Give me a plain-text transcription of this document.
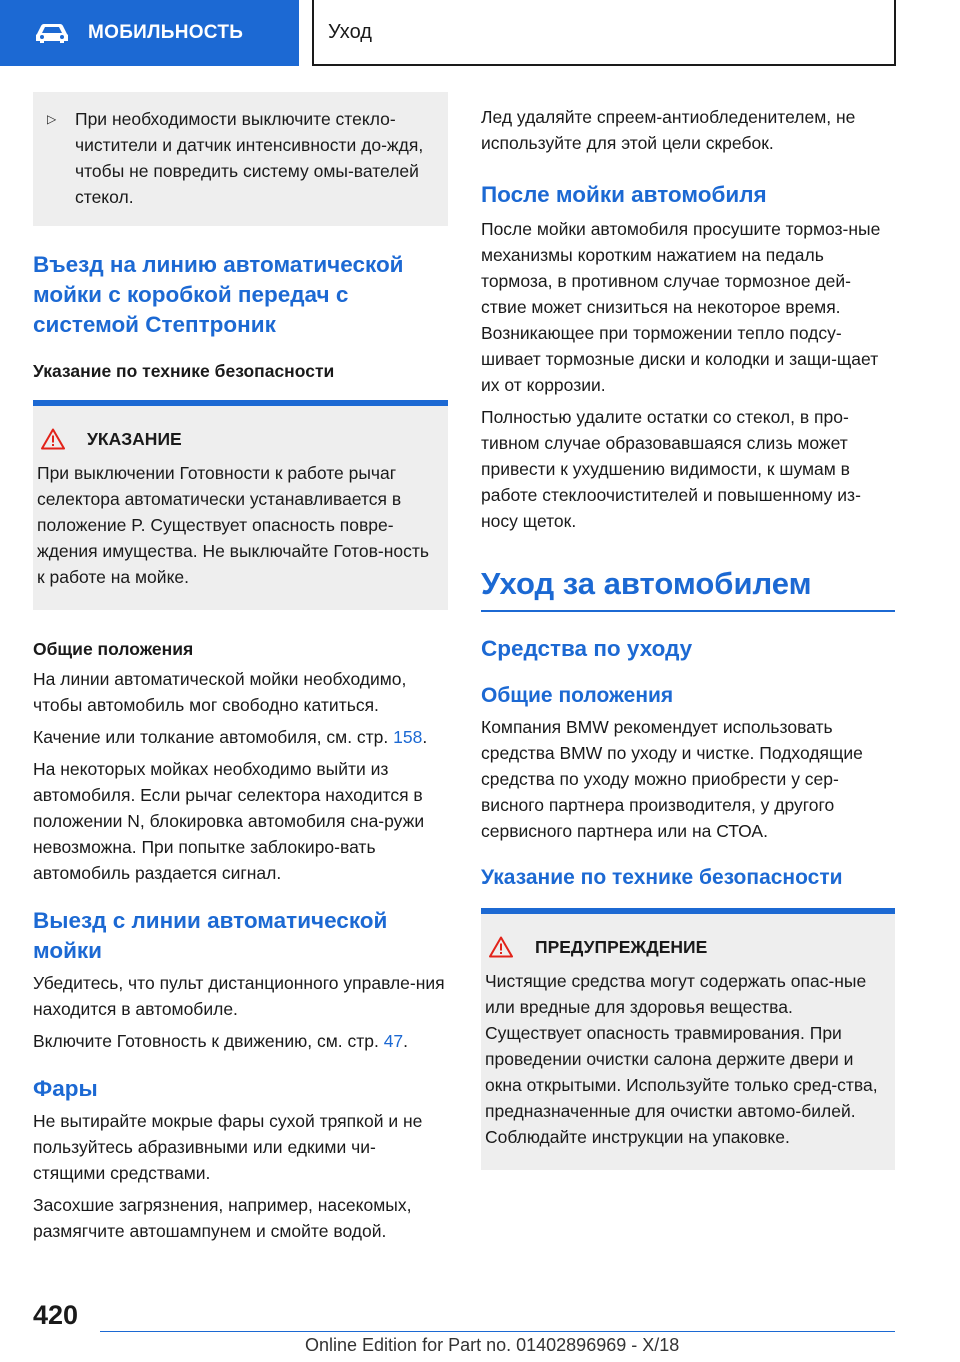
МОБИЛЬНОСТЬ	Уход
▷	При необходимости выключите стекло-чистители и датчик интенсивности до-ждя, чтобы не повредить систему омы-вателей стекол.
Въезд на линию автоматической мойки с коробкой передач с системой Стептроник
Указание по технике безопасности
УКАЗАНИЕ
При выключении Готовности к работе рычаг селектора автоматически устанавливается в положение P. Существует опасность повре-ждения имущества. Не выключайте Готов-ность к работе на мойке.
Общие положения
На линии автоматической мойки необходимо, чтобы автомобиль мог свободно катиться.
Качение или толкание автомобиля, см. стр. 158.
На некоторых мойках необходимо выйти из автомобиля. Если рычаг селектора находится в положении N, блокировка автомобиля сна-ружи невозможна. При попытке заблокиро-вать автомобиль раздается сигнал.
Выезд с линии автоматической мойки
Убедитесь, что пульт дистанционного управле-ния находится в автомобиле.
Включите Готовность к движению, см. стр. 47.
Фары
Не вытирайте мокрые фары сухой тряпкой и не пользуйтесь абразивными или едкими чи-стящими средствами.
Засохшие загрязнения, например, насекомых, размягчите автошампунем и смойте водой.
Лед удаляйте спреем-антиобледенителем, не используйте для этой цели скребок.
После мойки автомобиля
После мойки автомобиля просушите тормоз-ные механизмы коротким нажатием на педаль тормоза, в противном случае тормозное дей-ствие может снизиться на некоторое время. Возникающее при торможении тепло подсу-шивает тормозные диски и колодки и защи-щает их от коррозии.
Полностью удалите остатки со стекол, в про-тивном случае образовавшаяся слизь может привести к ухудшению видимости, к шумам в работе стеклоочистителей и повышенному из-носу щеток.
Уход за автомобилем
Средства по уходу
Общие положения
Компания BMW рекомендует использовать средства BMW по уходу и чистке. Подходящие средства по уходу можно приобрести у сер-висного партнера производителя, у другого сервисного партнера или на СТОА.
Указание по технике безопасности
ПРЕДУПРЕЖДЕНИЕ
Чистящие средства могут содержать опас-ные или вредные для здоровья вещества. Существует опасность травмирования. При проведении очистки салона держите двери и окна открытыми. Используйте только сред-ства, предназначенные для очистки автомо-билей. Соблюдайте инструкции на упаковке.
420
Online Edition for Part no. 01402896969 - X/18
